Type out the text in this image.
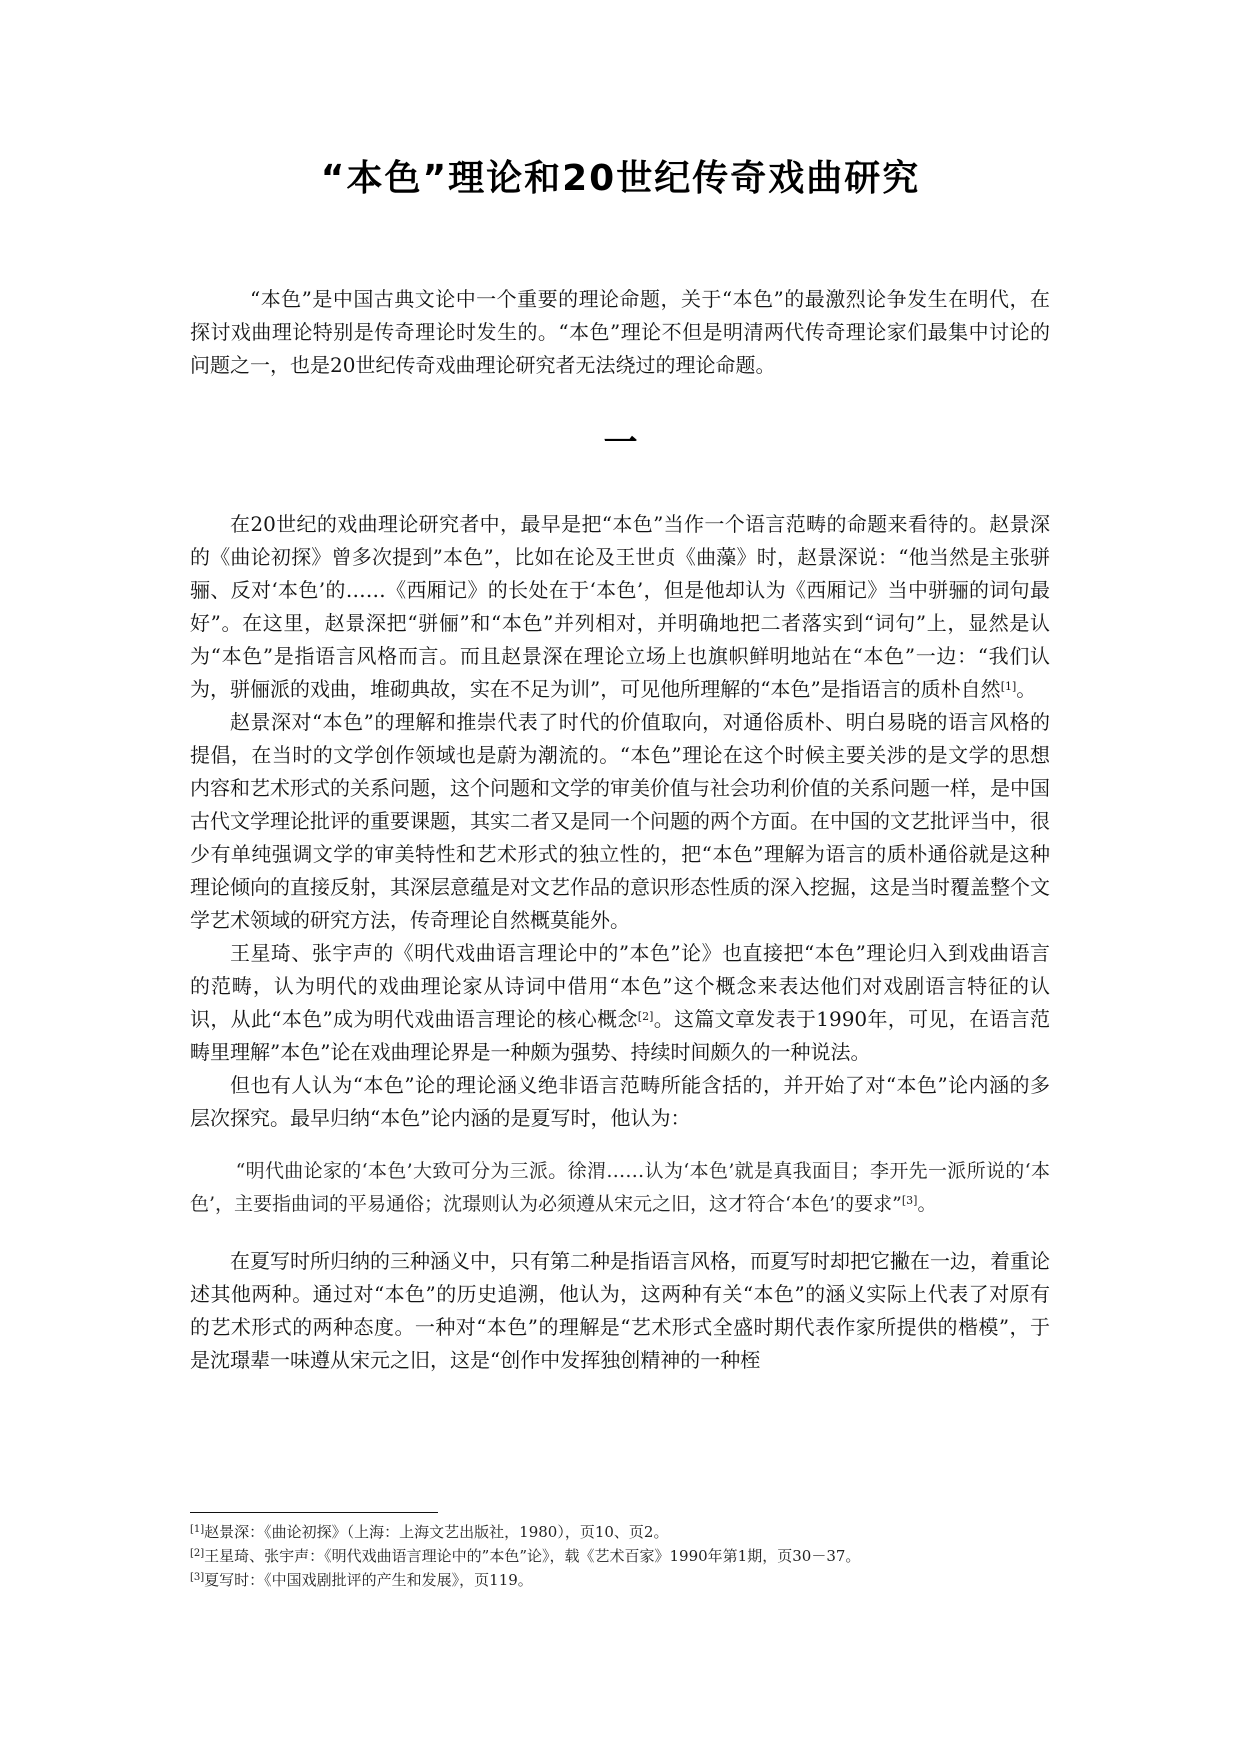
“本色”理论和20世纪传奇戏曲研究

“本色”是中国古典文论中一个重要的理论命题，关于“本色”的最激烈论争发生在明代，在探讨戏曲理论特别是传奇理论时发生的。“本色”理论不但是明清两代传奇理论家们最集中讨论的问题之一，也是20世纪传奇戏曲理论研究者无法绕过的理论命题。

一

在20世纪的戏曲理论研究者中，最早是把“本色”当作一个语言范畴的命题来看待的。赵景深的《曲论初探》曾多次提到”本色”，比如在论及王世贞《曲藻》时，赵景深说：“他当然是主张骈骊、反对‘本色’的……《西厢记》的长处在于‘本色’，但是他却认为《西厢记》当中骈骊的词句最好”。在这里，赵景深把“骈俪”和“本色”并列相对，并明确地把二者落实到“词句”上，显然是认为“本色”是指语言风格而言。而且赵景深在理论立场上也旗帜鲜明地站在“本色”一边：“我们认为，骈俪派的戏曲，堆砌典故，实在不足为训”，可见他所理解的“本色”是指语言的质朴自然[1]。

赵景深对“本色”的理解和推崇代表了时代的价值取向，对通俗质朴、明白易晓的语言风格的提倡，在当时的文学创作领域也是蔚为潮流的。“本色”理论在这个时候主要关涉的是文学的思想内容和艺术形式的关系问题，这个问题和文学的审美价值与社会功利价值的关系问题一样，是中国古代文学理论批评的重要课题，其实二者又是同一个问题的两个方面。在中国的文艺批评当中，很少有单纯强调文学的审美特性和艺术形式的独立性的，把“本色”理解为语言的质朴通俗就是这种理论倾向的直接反射，其深层意蕴是对文艺作品的意识形态性质的深入挖掘，这是当时覆盖整个文学艺术领域的研究方法，传奇理论自然概莫能外。

王星琦、张宇声的《明代戏曲语言理论中的”本色”论》也直接把“本色”理论归入到戏曲语言的范畴，认为明代的戏曲理论家从诗词中借用“本色”这个概念来表达他们对戏剧语言特征的认识，从此“本色”成为明代戏曲语言理论的核心概念[2]。这篇文章发表于1990年，可见，在语言范畴里理解”本色”论在戏曲理论界是一种颇为强势、持续时间颇久的一种说法。

但也有人认为“本色”论的理论涵义绝非语言范畴所能含括的，并开始了对“本色”论内涵的多层次探究。最早归纳“本色”论内涵的是夏写时，他认为：

“明代曲论家的‘本色’大致可分为三派。徐渭……认为‘本色’就是真我面目；李开先一派所说的‘本色’，主要指曲词的平易通俗；沈璟则认为必须遵从宋元之旧，这才符合‘本色’的要求”[3]。

在夏写时所归纳的三种涵义中，只有第二种是指语言风格，而夏写时却把它撇在一边，着重论述其他两种。通过对“本色”的历史追溯，他认为，这两种有关“本色”的涵义实际上代表了对原有的艺术形式的两种态度。一种对“本色”的理解是“艺术形式全盛时期代表作家所提供的楷模”，于是沈璟辈一味遵从宋元之旧，这是“创作中发挥独创精神的一种桎

[1]赵景深：《曲论初探》（上海：上海文艺出版社，1980），页10、页2。
[2]王星琦、张宇声：《明代戏曲语言理论中的”本色”论》，载《艺术百家》1990年第1期，页30－37。
[3]夏写时：《中国戏剧批评的产生和发展》，页119。
